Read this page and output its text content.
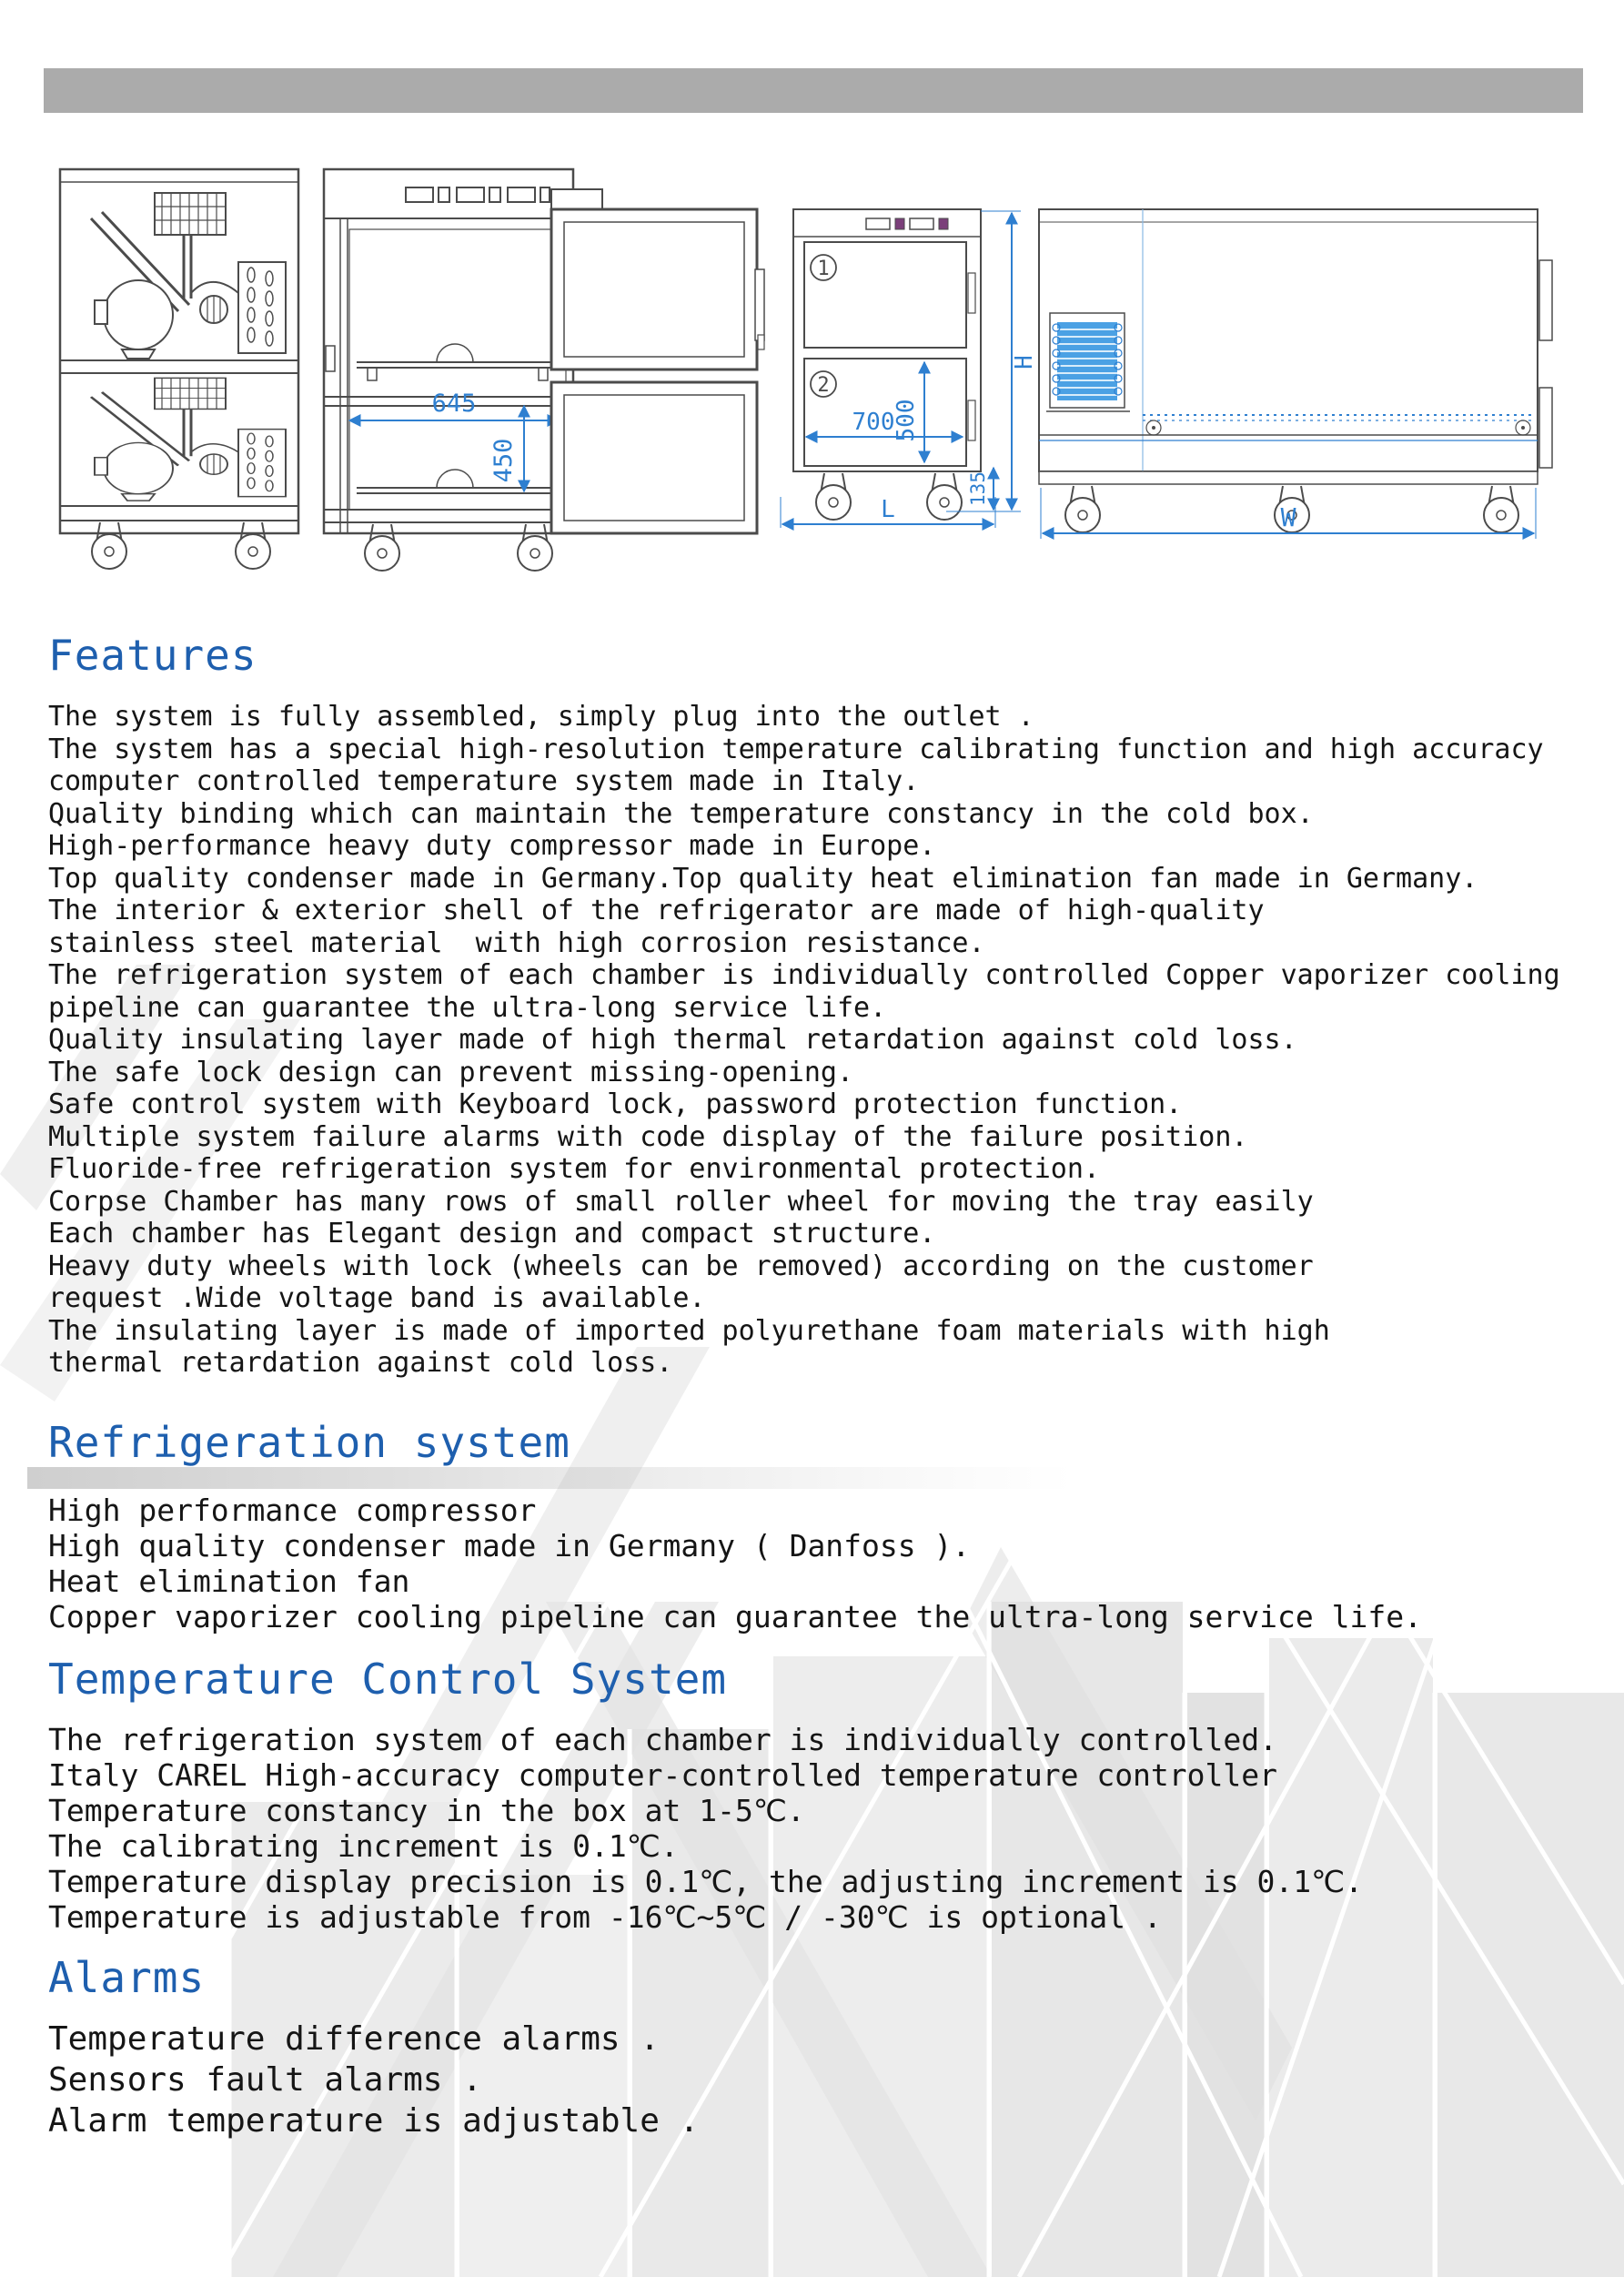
645
450
1
2
500
700
H
135
L	W
Features
The system is fully assembled, simply plug into the outlet .
The system has a special high-resolution temperature calibrating function and high accuracy
computer controlled temperature system made in Italy.
Quality binding which can maintain the temperature constancy in the cold box.
High-performance heavy duty compressor made in Europe.
Top quality condenser made in Germany.Top quality heat elimination fan made in Germany.
The interior & exterior shell of the refrigerator are made of high-quality
stainless steel material  with high corrosion resistance.
The refrigeration system of each chamber is individually controlled Copper vaporizer cooling
pipeline can guarantee the ultra-long service life.
Quality insulating layer made of high thermal retardation against cold loss.
The safe lock design can prevent missing-opening.
Safe control system with Keyboard lock, password protection function.
Multiple system failure alarms with code display of the failure position.
Fluoride-free refrigeration system for environmental protection.
Corpse Chamber has many rows of small roller wheel for moving the tray easily
Each chamber has Elegant design and compact structure.
Heavy duty wheels with lock (wheels can be removed) according on the customer
request .Wide voltage band is available.
The insulating layer is made of imported polyurethane foam materials with high
thermal retardation against cold loss.
Refrigeration system
High performance compressor
High quality condenser made in Germany ( Danfoss ).
Heat elimination fan
Copper vaporizer cooling pipeline can guarantee the ultra-long service life.
Temperature Control System
The refrigeration system of each chamber is individually controlled.
Italy CAREL High-accuracy computer-controlled temperature controller
Temperature constancy in the box at 1-5℃.
The calibrating increment is 0.1℃.
Temperature display precision is 0.1℃, the adjusting increment is 0.1℃.
Temperature is adjustable from -16℃~5℃ / -30℃ is optional .
Alarms
Temperature difference alarms .
Sensors fault alarms .
Alarm temperature is adjustable .
